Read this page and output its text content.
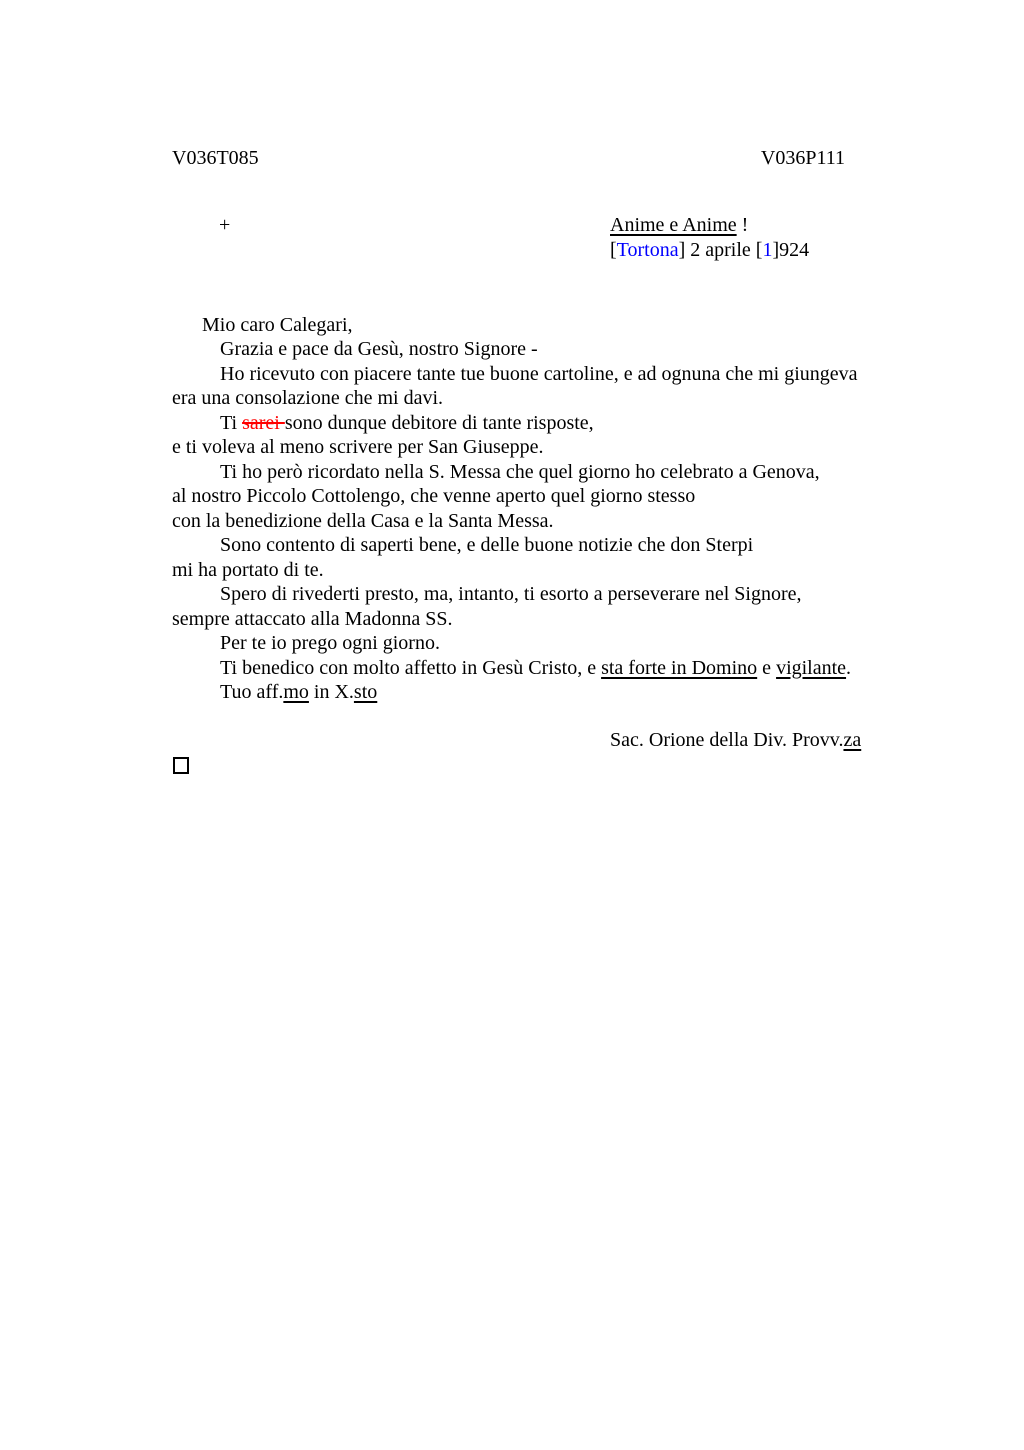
V036T085	V036P111
+	Anime e Anime !
[Tortona] 2 aprile [1]924

Mio caro Calegari,

Grazia e pace da Gesù, nostro Signore -
Ho ricevuto con piacere tante tue buone cartoline, e ad ognuna che mi giungeva
era una consolazione che mi davi.
Ti sarei sono dunque debitore di tante risposte,
e ti voleva al meno scrivere per San Giuseppe.
Ti ho però ricordato nella S. Messa che quel giorno ho celebrato a Genova,
al nostro Piccolo Cottolengo, che venne aperto quel giorno stesso
con la benedizione della Casa e la Santa Messa.
Sono contento di saperti bene, e delle buone notizie che don Sterpi
mi ha portato di te.
Spero di rivederti presto, ma, intanto, ti esorto a perseverare nel Signore,
sempre attaccato alla Madonna SS.
Per te io prego ogni giorno.
Ti benedico con molto affetto in Gesù Cristo, e sta forte in Domino e vigilante.
Tuo aff.mo in X.sto
Sac. Orione della Div. Provv.za
